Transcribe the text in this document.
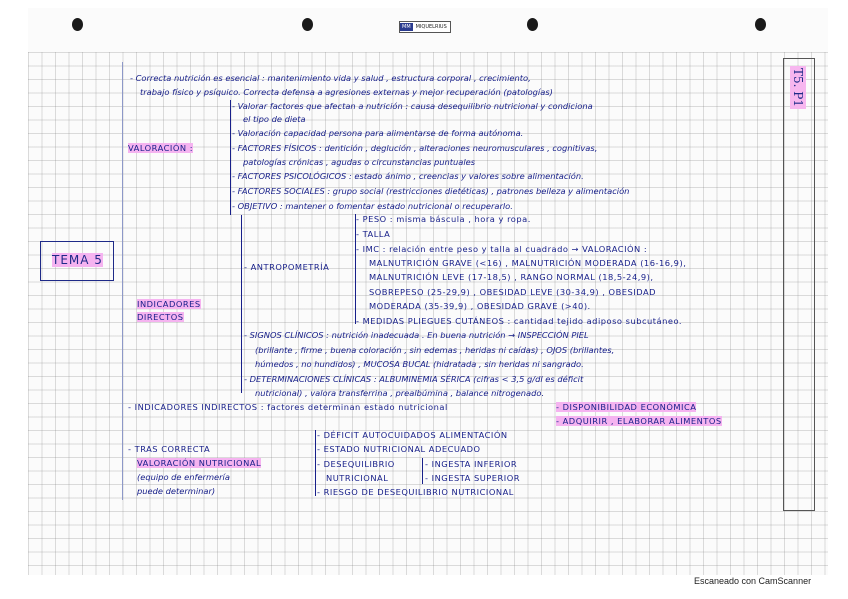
MM	MIQUELRIUS
T5. P1
TEMA 5
- Correcta nutrición es esencial : mantenimiento vida y salud , estructura corporal , crecimiento,
trabajo físico y psíquico. Correcta defensa a agresiones externas y mejor recuperación (patologías)
VALORACIÓN :
- Valorar factores que afectan a nutrición : causa desequilibrio nutricional y condiciona
el tipo de dieta
- Valoración capacidad persona para alimentarse de forma autónoma.
- FACTORES FÍSICOS : dentición , deglución , alteraciones neuromusculares , cognitivas,
patologías crónicas , agudas o circunstancias puntuales
- FACTORES PSICOLÓGICOS : estado ánimo , creencias y valores sobre alimentación.
- FACTORES SOCIALES : grupo social (restricciones dietéticas) , patrones belleza y alimentación
- OBJETIVO : mantener o fomentar estado nutricional o recuperarlo.
INDICADORES
DIRECTOS
- ANTROPOMETRÍA
- PESO : misma báscula , hora y ropa.
- TALLA
- IMC : relación entre peso y talla al cuadrado → VALORACIÓN :
MALNUTRICIÓN GRAVE (<16) , MALNUTRICIÓN MODERADA (16-16,9),
MALNUTRICIÓN LEVE (17-18,5) , RANGO NORMAL (18,5-24,9),
SOBREPESO (25-29,9) , OBESIDAD LEVE (30-34,9) , OBESIDAD
MODERADA (35-39,9) , OBESIDAD GRAVE (>40).
- MEDIDAS PLIEGUES CUTÁNEOS : cantidad tejido adiposo subcutáneo.
- SIGNOS CLÍNICOS : nutrición inadecuada . En buena nutrición → INSPECCIÓN PIEL
(brillante , firme , buena coloración , sin edemas , heridas ni caídas) , OJOS (brillantes,
húmedos , no hundidos) , MUCOSA BUCAL (hidratada , sin heridas ni sangrado.
- DETERMINACIONES CLÍNICAS : ALBUMINEMIA SÉRICA (cifras < 3,5 g/dl es déficit
nutricional) , valora transferrina , prealbúmina , balance nitrogenado.
- INDICADORES INDIRECTOS : factores determinan estado nutricional	- DISPONIBILIDAD ECONÓMICA
- ADQUIRIR , ELABORAR ALIMENTOS
- TRAS CORRECTA
VALORACIÓN NUTRICIONAL
(equipo de enfermería
puede determinar)
- DÉFICIT AUTOCUIDADOS ALIMENTACIÓN
- ESTADO NUTRICIONAL ADECUADO
- DESEQUILIBRIO
NUTRICIONAL
- RIESGO DE DESEQUILIBRIO NUTRICIONAL
- INGESTA INFERIOR
- INGESTA SUPERIOR
Escaneado con CamScanner
